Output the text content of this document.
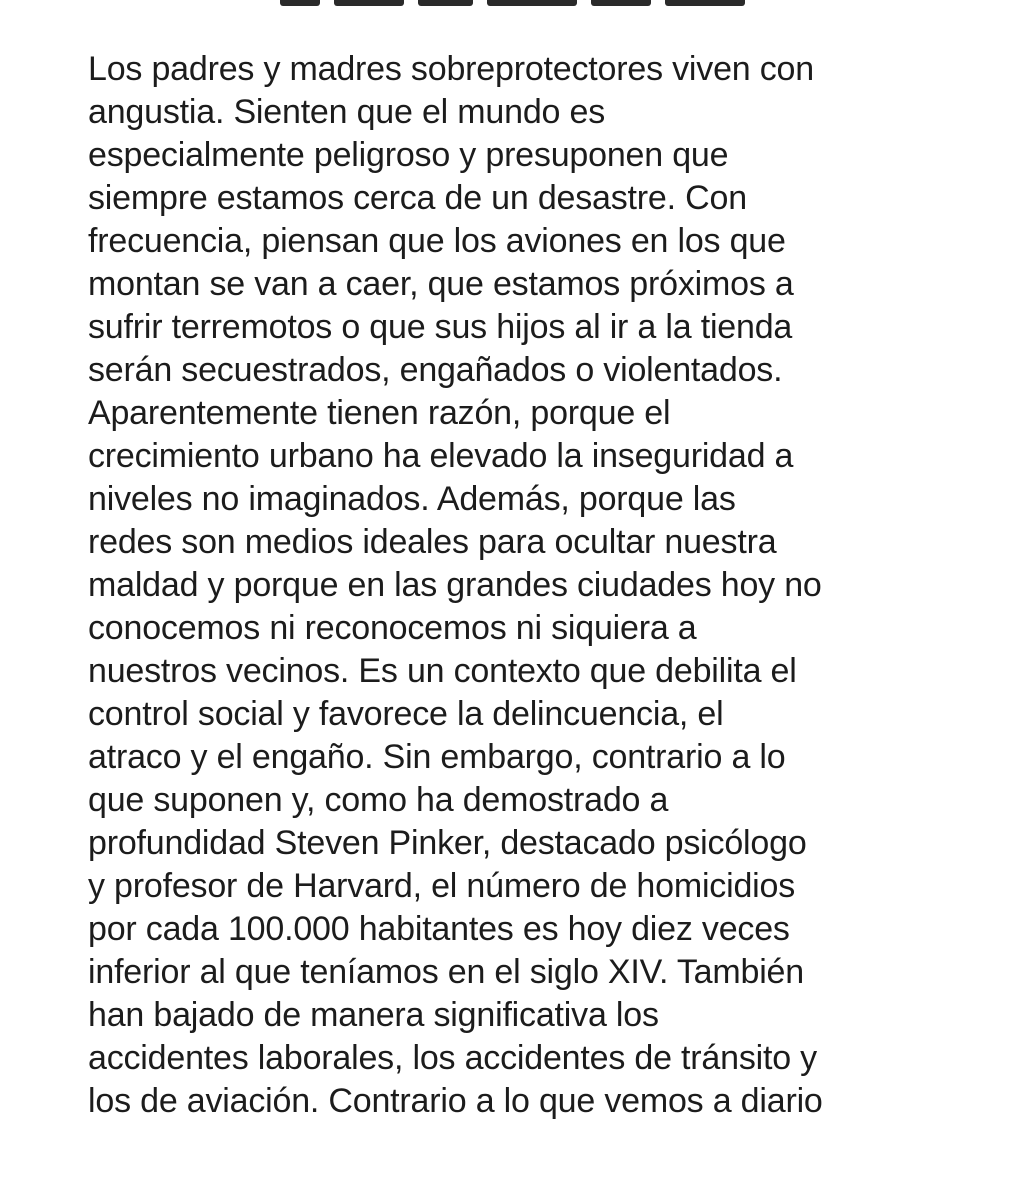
Los padres y madres sobreprotectores viven con
angustia. Sienten que el mundo es
especialmente peligroso y presuponen que
siempre estamos cerca de un desastre. Con
frecuencia, piensan que los aviones en los que
montan se van a caer, que estamos próximos a
sufrir terremotos o que sus hijos al ir a la tienda
serán secuestrados, engañados o violentados.
Aparentemente tienen razón, porque el
crecimiento urbano ha elevado la inseguridad a
niveles no imaginados. Además, porque las
redes son medios ideales para ocultar nuestra
maldad y porque en las grandes ciudades hoy no
conocemos ni reconocemos ni siquiera a
nuestros vecinos. Es un contexto que debilita el
control social y favorece la delincuencia, el
atraco y el engaño. Sin embargo, contrario a lo
que suponen y, como ha demostrado a
profundidad Steven Pinker, destacado psicólogo
y profesor de Harvard, el número de homicidios
por cada 100.000 habitantes es hoy diez veces
inferior al que teníamos en el siglo XIV. También
han bajado de manera significativa los
accidentes laborales, los accidentes de tránsito y
los de aviación. Contrario a lo que vemos a diario
